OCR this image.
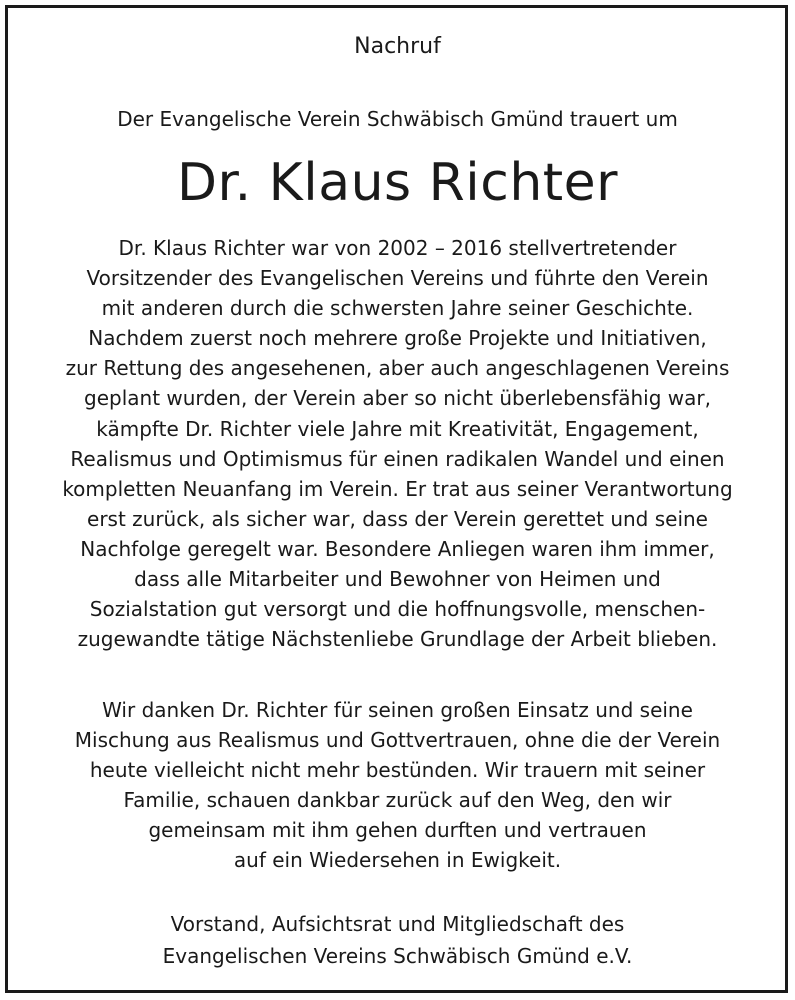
Nachruf
Der Evangelische Verein Schwäbisch Gmünd trauert um
Dr. Klaus Richter
Dr. Klaus Richter war von 2002 – 2016 stellvertretender
Vorsitzender des Evangelischen Vereins und führte den Verein
mit anderen durch die schwersten Jahre seiner Geschichte.
Nachdem zuerst noch mehrere große Projekte und Initiativen,
zur Rettung des angesehenen, aber auch angeschlagenen Vereins
geplant wurden, der Verein aber so nicht überlebensfähig war,
kämpfte Dr. Richter viele Jahre mit Kreativität, Engagement,
Realismus und Optimismus für einen radikalen Wandel und einen
kompletten Neuanfang im Verein. Er trat aus seiner Verantwortung
erst zurück, als sicher war, dass der Verein gerettet und seine
Nachfolge geregelt war. Besondere Anliegen waren ihm immer,
dass alle Mitarbeiter und Bewohner von Heimen und
Sozialstation gut versorgt und die hoffnungsvolle, menschen-
zugewandte tätige Nächstenliebe Grundlage der Arbeit blieben.
Wir danken Dr. Richter für seinen großen Einsatz und seine
Mischung aus Realismus und Gottvertrauen, ohne die der Verein
heute vielleicht nicht mehr bestünden. Wir trauern mit seiner
Familie, schauen dankbar zurück auf den Weg, den wir
gemeinsam mit ihm gehen durften und vertrauen
auf ein Wiedersehen in Ewigkeit.
Vorstand, Aufsichtsrat und Mitgliedschaft des
Evangelischen Vereins Schwäbisch Gmünd e.V.
